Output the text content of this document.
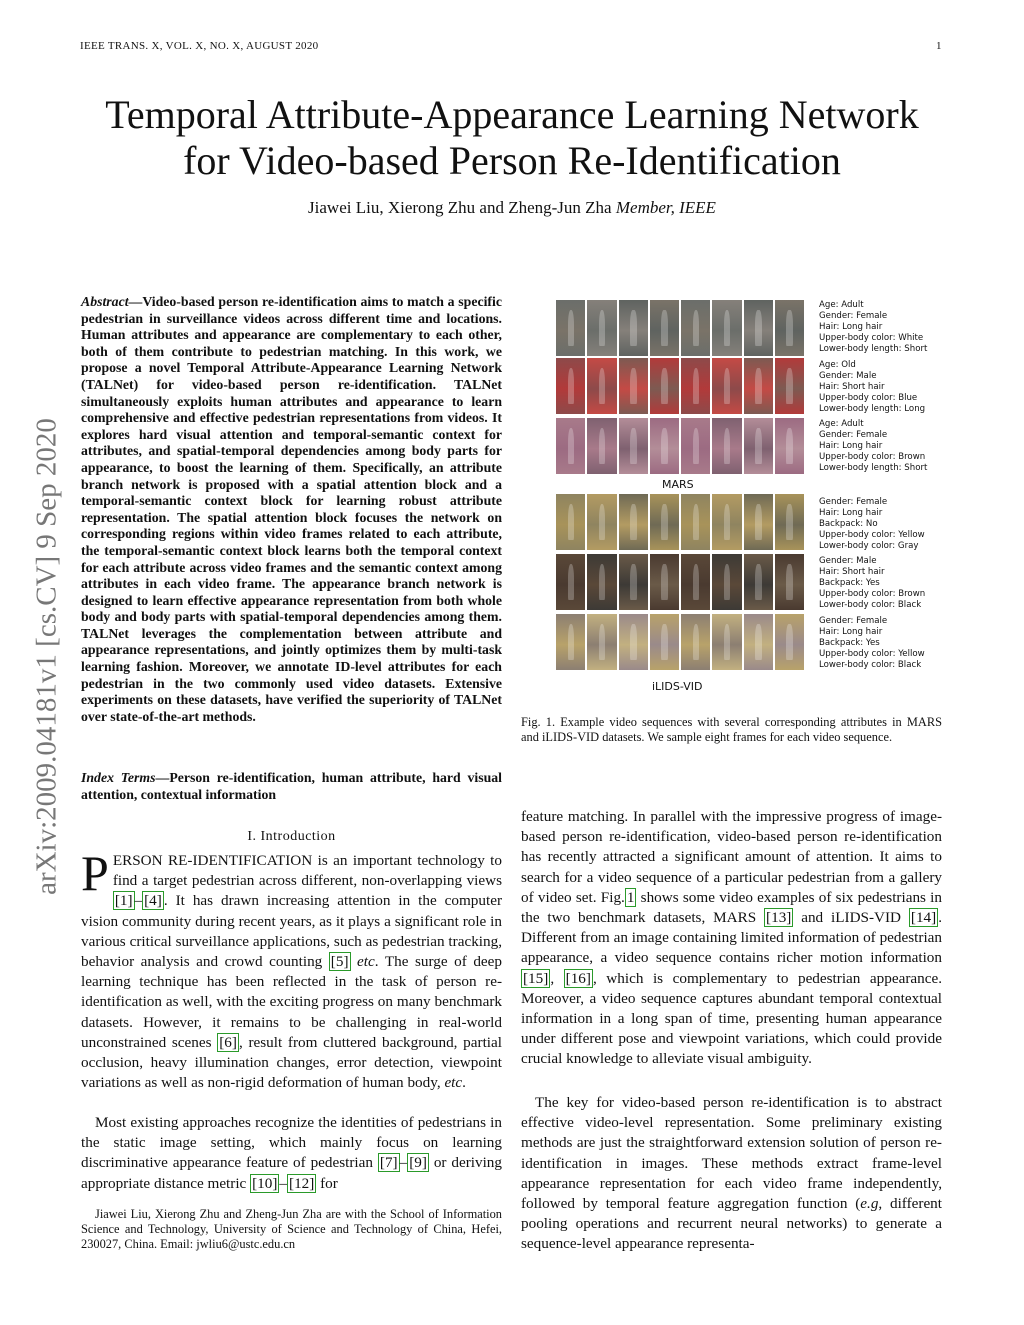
IEEE TRANS. X, VOL. X, NO. X, AUGUST 2020	1
Temporal Attribute-Appearance Learning Network
for Video-based Person Re-Identification
Jiawei Liu, Xierong Zhu and Zheng-Jun Zha Member, IEEE
arXiv:2009.04181v1 [cs.CV] 9 Sep 2020
Abstract—Video-based person re-identification aims to match a specific pedestrian in surveillance videos across different time and locations. Human attributes and appearance are complementary to each other, both of them contribute to pedestrian matching. In this work, we propose a novel Temporal Attribute-Appearance Learning Network (TALNet) for video-based person re-identification. TALNet simultaneously exploits human attributes and appearance to learn comprehensive and effective pedestrian representations from videos. It explores hard visual attention and temporal-semantic context for attributes, and spatial-temporal dependencies among body parts for appearance, to boost the learning of them. Specifically, an attribute branch network is proposed with a spatial attention block and a temporal-semantic context block for learning robust attribute representation. The spatial attention block focuses the network on corresponding regions within video frames related to each attribute, the temporal-semantic context block learns both the temporal context for each attribute across video frames and the semantic context among attributes in each video frame. The appearance branch network is designed to learn effective appearance representation from both whole body and body parts with spatial-temporal dependencies among them. TALNet leverages the complementation between attribute and appearance representations, and jointly optimizes them by multi-task learning fashion. Moreover, we annotate ID-level attributes for each pedestrian in the two commonly used video datasets. Extensive experiments on these datasets, have verified the superiority of TALNet over state-of-the-art methods.
Index Terms—Person re-identification, human attribute, hard visual attention, contextual information
I. Introduction
PERSON RE-IDENTIFICATION is an important technology to find a target pedestrian across different, non-overlapping views [1] – [4] . It has drawn increasing attention in the computer vision community during recent years, as it plays a significant role in various critical surveillance applications, such as pedestrian tracking, behavior analysis and crowd counting [5] etc. The surge of deep learning technique has been reflected in the task of person re-identification as well, with the exciting progress on many benchmark datasets. However, it remains to be challenging in real-world unconstrained scenes [6] , result from cluttered background, partial occlusion, heavy illumination changes, error detection, viewpoint variations as well as non-rigid deformation of human body, etc.
Most existing approaches recognize the identities of pedestrians in the static image setting, which mainly focus on learning discriminative appearance feature of pedestrian [7] – [9] or deriving appropriate distance metric [10] – [12] for
Jiawei Liu, Xierong Zhu and Zheng-Jun Zha are with the School of Information Science and Technology, University of Science and Technology of China, Hefei, 230027, China. Email: jwliu6@ustc.edu.cn
MARS
iLIDS-VID
Age: Adult
Gender: Female
Hair: Long hair
Upper-body color: White
Lower-body length: Short
Age: Old
Gender: Male
Hair: Short hair
Upper-body color: Blue
Lower-body length: Long
Age: Adult
Gender: Female
Hair: Long hair
Upper-body color: Brown
Lower-body length: Short
Gender: Female
Hair: Long hair
Backpack: No
Upper-body color: Yellow
Lower-body color: Gray
Gender: Male
Hair: Short hair
Backpack: Yes
Upper-body color: Brown
Lower-body color: Black
Gender: Female
Hair: Long hair
Backpack: Yes
Upper-body color: Yellow
Lower-body color: Black
Fig. 1. Example video sequences with several corresponding attributes in MARS and iLIDS-VID datasets. We sample eight frames for each video sequence.
feature matching. In parallel with the impressive progress of image-based person re-identification, video-based person re-identification has recently attracted a significant amount of attention. It aims to search for a video sequence of a particular pedestrian from a gallery of video set. Fig. 1 shows some video examples of six pedestrians in the two benchmark datasets, MARS [13] and iLIDS-VID [14] . Different from an image containing limited information of pedestrian appearance, a video sequence contains richer motion information [15] , [16] , which is complementary to pedestrian appearance. Moreover, a video sequence captures abundant temporal contextual information in a long span of time, presenting human appearance under different pose and viewpoint variations, which could provide crucial knowledge to alleviate visual ambiguity.
The key for video-based person re-identification is to abstract effective video-level representation. Some preliminary existing methods are just the straightforward extension solution of person re-identification in images. These methods extract frame-level appearance representation for each video frame independently, followed by temporal feature aggregation function (e.g, different pooling operations and recurrent neural networks) to generate a sequence-level appearance representa-
